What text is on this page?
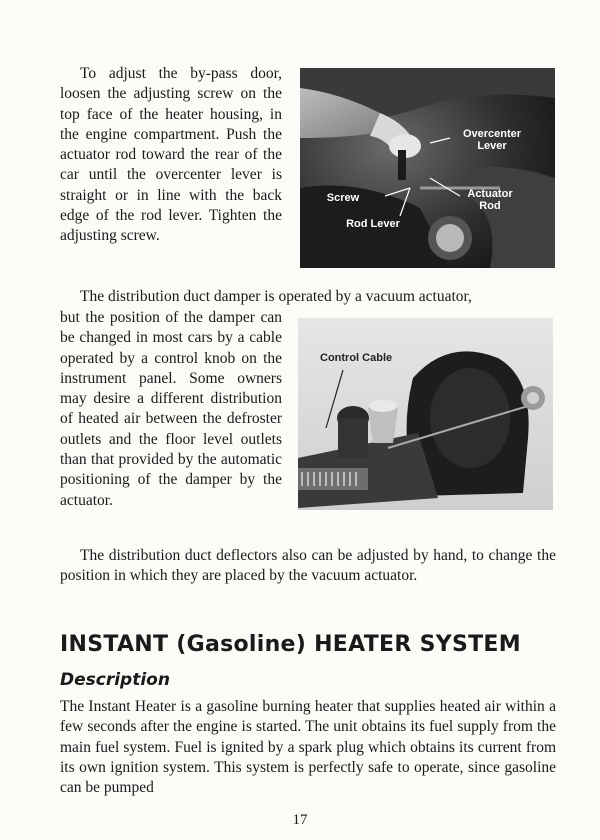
To adjust the by-pass door, loosen the adjusting screw on the top face of the heater housing, in the engine compartment. Push the actuator rod toward the rear of the car until the overcenter lever is straight or in line with the back edge of the rod lever. Tighten the adjusting screw.

Overcenter Lever
Screw	Actuator Rod
Rod Lever

The distribution duct damper is operated by a vacuum actuator,

but the position of the damper can be changed in most cars by a cable operated by a control knob on the instrument panel. Some owners may desire a different distribution of heated air between the defroster outlets and the floor level outlets than that provided by the automatic positioning of the damper by the actuator.

Control Cable

The distribution duct deflectors also can be adjusted by hand, to change the position in which they are placed by the vacuum actuator.

INSTANT (Gasoline) HEATER SYSTEM
Description

The Instant Heater is a gasoline burning heater that supplies heated air within a few seconds after the engine is started. The unit obtains its fuel supply from the main fuel system. Fuel is ignited by a spark plug which obtains its current from its own ignition system. This system is perfectly safe to operate, since gasoline can be pumped

17
